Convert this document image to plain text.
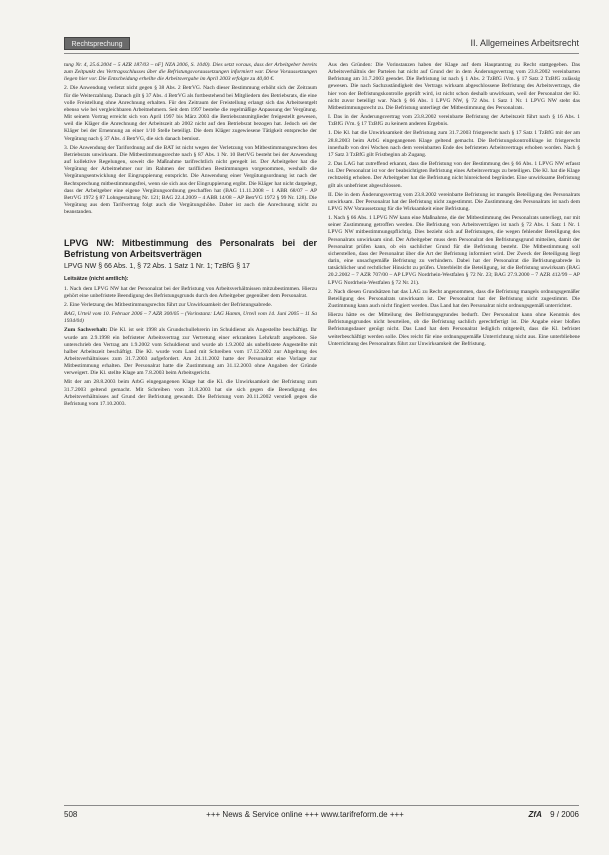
Rechtsprechung	II. Allgemeines Arbeitsrecht

tung Nr. 4, 25.6.2004 – 5 AZR 187/03 – nF] NZA 2006, S. 1040). Dies setzt voraus, dass der Arbeitgeber bereits zum Zeitpunkt des Vertragsschlusses über die Befristungsvoraussetzungen informiert war. Diese Voraussetzungen liegen hier vor. Die Entscheidung erhellte die Arbeitsvergabe im April 2003 erfolgte zu 40,00 €.

2. Die Anwendung verletzt nicht gegen § 38 Abs. 2 BetrVG. Nach dieser Bestimmung erhöht sich der Zeitraum für die Weiterzahlung. Danach gilt § 37 Abs. 4 BetrVG als fortbestehend bei Mitgliedern des Betriebsrats, die eine volle Freistellung ohne Anrechnung erhalten. Für den Zeitraum der Freistellung erlangt sich das Arbeitsentgelt ebenso wie bei vergleichbaren Arbeitnehmern. Seit dem 1997 bestehe die regelmäßige Anpassung der Vergütung. Mit seinem Vortrag erreicht sich von April 1997 bis März 2003 die Betriebsratsmitglieder freigestellt gewesen, weil die Kläger die Anrechnung der Arbeitszeit ab 2002 nicht auf den Betriebsrat bezogen hat. Jedoch sei der Kläger bei der Ernennung an einer 1/10 Stelle beteiligt. Die dem Kläger zugewiesene Tätigkeit entspreche der Vergütung nach § 37 Abs. 4 BetrVG, die sich danach bemisst.

3. Die Anwendung der Tarifordnung auf die BAT ist nicht wegen der Verletzung von Mitbestimmungsrechten des Betriebsrats unwirksam. Die Mitbestimmungsrechte nach § 87 Abs. 1 Nr. 10 BetrVG besteht bei der Anwendung auf kollektive Regelungen, soweit die Maßnahme tarifrechtlich nicht geregelt ist. Der Arbeitgeber hat die Vergütung der Arbeitnehmer nur im Rahmen der tariflichen Bestimmungen vorgenommen, weshalb die Vergütungsentwicklung der Eingruppierung entspricht. Die Anwendung einer Vergütungsordnung ist nach der Rechtsprechung mitbestimmungsfrei, wenn sie sich aus der Eingruppierung ergibt. Die Kläger hat nicht dargelegt, dass der Arbeitgeber eine eigene Vergütungsordnung geschaffen hat (BAG 11.11.2008 – 1 ABR 68/07 – AP BetrVG 1972 § 87 Lohngestaltung Nr. 121; BAG 22.4.2009 – 4 ABR 14/08 – AP BetrVG 1972 § 99 Nr. 128). Die Vergütung aus dem Tarifvertrag folgt auch die Vergütungshöhe. Daher ist auch die Anrechnung nicht zu beanstanden.

LPVG NW: Mitbestimmung des Personalrats bei der Befristung von Arbeitsverträgen
LPVG NW § 66 Abs. 1, § 72 Abs. 1 Satz 1 Nr. 1; TzBfG § 17

Leitsätze (nicht amtlich):

1. Nach dem LPVG NW hat der Personalrat bei der Befristung von Arbeitsverhältnissen mitzubestimmen. Hierzu gehört eine unbefristete Beendigung des Befristungsgrunds durch den Arbeitgeber gegenüber dem Personalrat.

2. Eine Verletzung des Mitbestimmungsrechts führt zur Unwirksamkeit der Befristungsabrede.

BAG, Urteil vom 10. Februar 2006 – 7 AZR 300/05 – (Vorinstanz: LAG Hamm, Urteil vom 14. Juni 2005 – 11 Sa 1934/04)

Zum Sachverhalt: Die Kl. ist seit 1998 als Grundschullehrerin im Schuldienst als Angestellte beschäftigt. Ihr wurde am 2.9.1998 ein befristeter Arbeitsvertrag zur Vertretung einer erkrankten Lehrkraft angeboten. Sie unterschrieb den Vertrag am 1.9.2002 vom Schuldienst und wurde ab 1.9.2002 als unbefristete Angestellte mit halber Arbeitszeit beschäftigt. Die Kl. wurde vom Land mit Schreiben vom 17.12.2002 zur Abgeltung des Arbeitsverhältnisses zum 31.7.2003 aufgefordert. Am 24.11.2002 hatte der Personalrat eine Vorlage zur Mitbestimmung erhalten. Der Personalrat hatte die Zustimmung am 31.12.2003 ohne Angaben der Gründe verweigert. Die Kl. stellte Klage am 7.8.2003 beim Arbeitsgericht.

Mit der am 28.8.2003 beim ArbG eingegangenen Klage hat die Kl. die Unwirksamkeit der Befristung zum 31.7.2003 geltend gemacht. Mit Schreiben vom 31.8.2003 hat sie sich gegen die Beendigung des Arbeitsverhältnisses auf Grund der Befristung gewandt. Die Befristung vom 20.11.2002 verstieß gegen die Befristung vom 17.10.2003.

Aus den Gründen: Die Vorinstanzen haben der Klage auf dem Hauptantrag zu Recht stattgegeben. Das Arbeitsverhältnis der Parteien hat nicht auf Grund der in dem Änderungsvertrag vom 23.8.2002 vereinbarten Befristung am 31.7.2003 geendet. Die Befristung ist nach § 1 Abs. 2 TzBfG iVm. § 17 Satz 2 TzBfG zulässig gewesen. Die nach Sachzuständigkeit des Vertrags wirksam abgeschlossene Befristung des Arbeitsvertrags, die hier von der Befristungskontrolle geprüft wird, ist nicht schon deshalb unwirksam, weil der Personalrat der Kl. nicht zuvor beteiligt war. Nach § 66 Abs. 1 LPVG NW, § 72 Abs. 1 Satz 1 Nr. 1 LPVG NW steht das Mitbestimmungsrecht zu. Die Befristung unterliegt der Mitbestimmung des Personalrats.

I. Das in der Änderungsvertrag vom 23.8.2002 vereinbarte Befristung der Arbeitszeit führt nach § 16 Abs. 1 TzBfG iVm. § 17 TzBfG zu keinem anderen Ergebnis.

1. Die Kl. hat die Unwirksamkeit der Befristung zum 31.7.2003 fristgerecht nach § 17 Satz 1 TzBfG mit der am 28.8.2003 beim ArbG eingegangenen Klage geltend gemacht. Die Befristungskontrollklage ist fristgerecht innerhalb von drei Wochen nach dem vereinbarten Ende des befristeten Arbeitsvertrags erhoben worden. Nach § 17 Satz 3 TzBfG gilt Fristbeginn ab Zugang.

2. Das LAG hat zutreffend erkannt, dass die Befristung von der Bestimmung des § 66 Abs. 1 LPVG NW erfasst ist. Der Personalrat ist vor der beabsichtigten Befristung eines Arbeitsvertrags zu beteiligen. Die Kl. hat die Klage rechtzeitig erhoben. Der Arbeitgeber hat die Befristung nicht hinreichend begründet. Eine unwirksame Befristung gilt als unbefristet abgeschlossen.

II. Die in dem Änderungsvertrag vom 23.8.2002 vereinbarte Befristung ist mangels Beteiligung des Personalrats unwirksam. Der Personalrat hat der Befristung nicht zugestimmt. Die Zustimmung des Personalrats ist nach dem LPVG NW Voraussetzung für die Wirksamkeit einer Befristung.

1. Nach § 66 Abs. 1 LPVG NW kann eine Maßnahme, die der Mitbestimmung des Personalrats unterliegt, nur mit seiner Zustimmung getroffen werden. Die Befristung von Arbeitsverträgen ist nach § 72 Abs. 1 Satz 1 Nr. 1 LPVG NW mitbestimmungspflichtig. Dies bezieht sich auf Befristungen, die wegen fehlender Beteiligung des Personalrats unwirksam sind. Der Arbeitgeber muss dem Personalrat den Befristungsgrund mitteilen, damit der Personalrat prüfen kann, ob ein sachlicher Grund für die Befristung besteht. Die Mitbestimmung soll sicherstellen, dass der Personalrat über die Art der Befristung informiert wird. Der Zweck der Beteiligung liegt darin, eine unsachgemäße Befristung zu verhindern. Dabei hat der Personalrat die Befristungsabrede in tatsächlicher und rechtlicher Hinsicht zu prüfen. Unterbleibt die Beteiligung, ist die Befristung unwirksam (BAG 20.2.2002 – 7 AZR 707/00 – AP LPVG Nordrhein-Westfalen § 72 Nr. 23; BAG 27.9.2000 – 7 AZR 412/99 – AP LPVG Nordrhein-Westfalen § 72 Nr. 21).

2. Nach diesen Grundsätzen hat das LAG zu Recht angenommen, dass die Befristung mangels ordnungsgemäßer Beteiligung des Personalrats unwirksam ist. Der Personalrat hat der Befristung nicht zugestimmt. Die Zustimmung kann auch nicht fingiert werden. Das Land hat den Personalrat nicht ordnungsgemäß unterrichtet.

Hierzu hätte es der Mitteilung des Befristungsgrundes bedurft. Der Personalrat kann ohne Kenntnis des Befristungsgrundes nicht beurteilen, ob die Befristung sachlich gerechtfertigt ist. Die Angabe einer bloßen Befristungsdauer genügt nicht. Das Land hat dem Personalrat lediglich mitgeteilt, dass die Kl. befristet weiterbeschäftigt werden solle. Dies reicht für eine ordnungsgemäße Unterrichtung nicht aus. Eine unterbliebene Unterrichtung des Personalrats führt zur Unwirksamkeit der Befristung.

508	+++ News & Service online +++ www.tarifreform.de +++	ZfA 9 / 2006
